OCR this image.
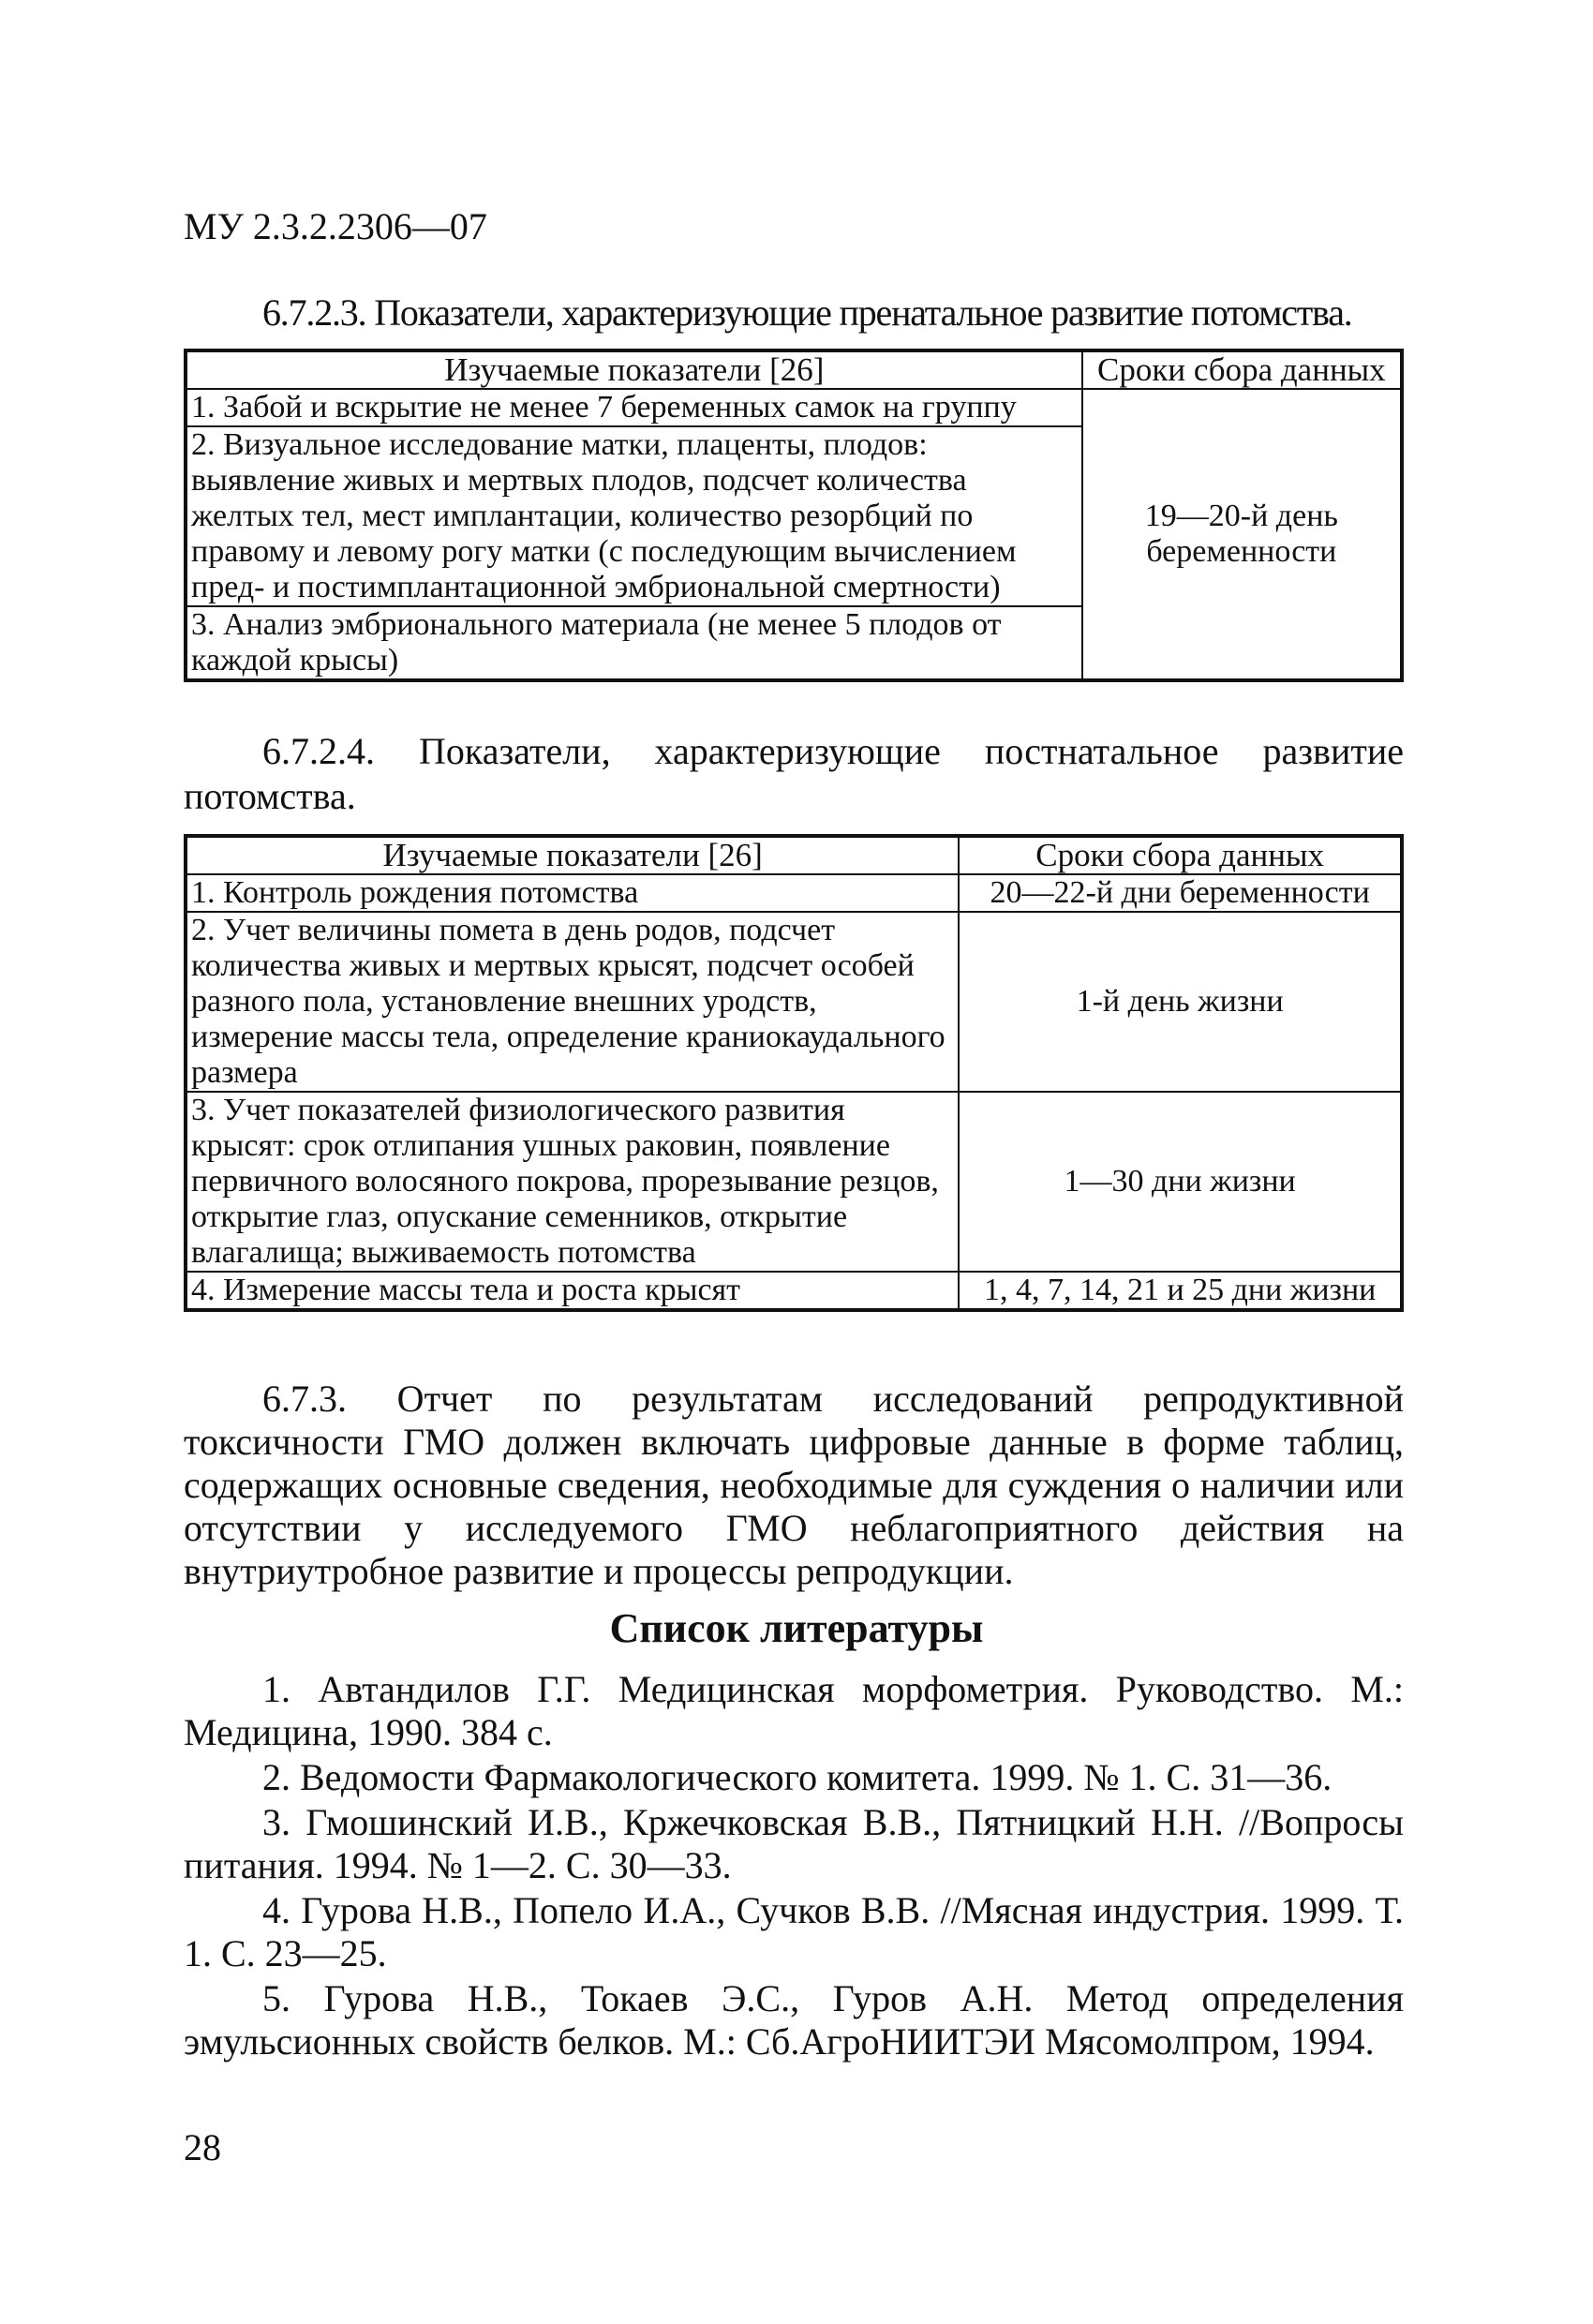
МУ 2.3.2.2306—07
6.7.2.3. Показатели, характеризующие пренатальное развитие потомства.
Изучаемые показатели [26]	Сроки сбора данных
1. Забой и вскрытие не менее 7 беременных самок на группу	19—20-й день беременности
2. Визуальное исследование матки, плаценты, плодов: выявление живых и мертвых плодов, подсчет количества желтых тел, мест имплантации, количество резорбций по правому и левому рогу матки (с последующим вычислением пред- и постимплантационной эмбриональной смертности)	
3. Анализ эмбрионального материала (не менее 5 плодов от каждой крысы)	
6.7.2.4. Показатели, характеризующие постнатальное развитие потомства.
Изучаемые показатели [26]	Сроки сбора данных
1. Контроль рождения потомства	20—22-й дни беременности
2. Учет величины помета в день родов, подсчет количества живых и мертвых крысят, подсчет особей разного пола, установление внешних уродств, измерение массы тела, определение краниокаудального размера	1-й день жизни
3. Учет показателей физиологического развития крысят: срок отлипания ушных раковин, появление первичного волосяного покрова, прорезывание резцов, открытие глаз, опускание семенников, открытие влагалища; выживаемость потомства	1—30 дни жизни
4. Измерение массы тела и роста крысят	1, 4, 7, 14, 21 и 25 дни жизни
6.7.3. Отчет по результатам исследований репродуктивной токсичности ГМО должен включать цифровые данные в форме таблиц, содержащих основные сведения, необходимые для суждения о наличии или отсутствии у исследуемого ГМО неблагоприятного действия на внутриутробное развитие и процессы репродукции.
Список литературы
1. Автандилов Г.Г. Медицинская морфометрия. Руководство. М.: Медицина, 1990. 384 с.
2. Ведомости Фармакологического комитета. 1999. № 1. С. 31—36.
3. Гмошинский И.В., Кржечковская В.В., Пятницкий Н.Н. //Вопросы питания. 1994. № 1—2. С. 30—33.
4. Гурова Н.В., Попело И.А., Сучков В.В. //Мясная индустрия. 1999. Т. 1. С. 23—25.
5. Гурова Н.В., Токаев Э.С., Гуров А.Н. Метод определения эмульсионных свойств белков. М.: Сб.АгроНИИТЭИ Мясомолпром, 1994.
28
